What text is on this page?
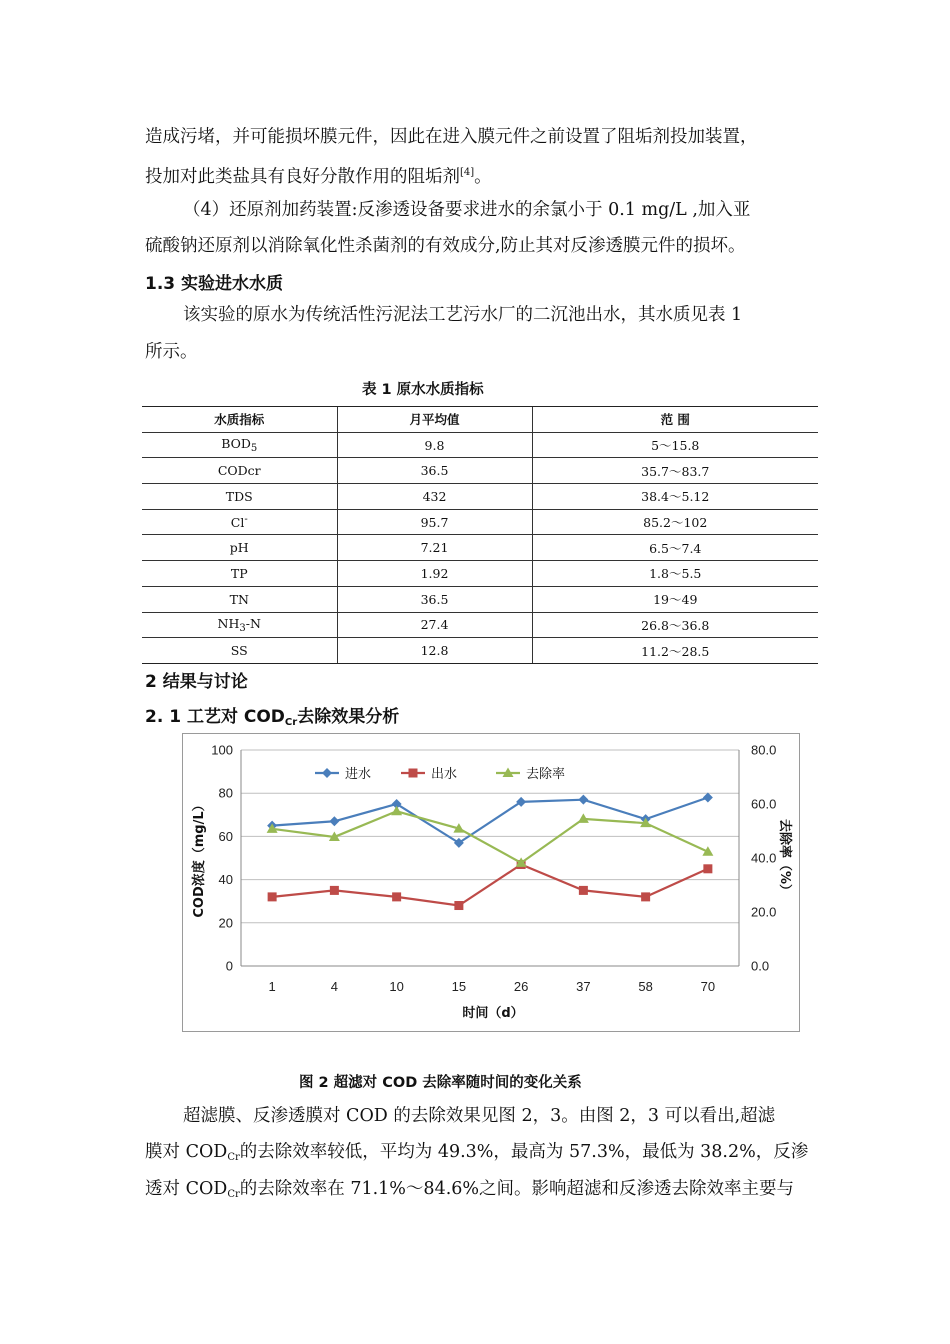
造成污堵，并可能损坏膜元件，因此在进入膜元件之前设置了阻垢剂投加装置，
投加对此类盐具有良好分散作用的阻垢剂[4]。
（4）还原剂加药装置:反渗透设备要求进水的余氯小于 0.1 mg/L ,加入亚
硫酸钠还原剂以消除氧化性杀菌剂的有效成分,防止其对反渗透膜元件的损坏。
1.3 实验进水水质
该实验的原水为传统活性污泥法工艺污水厂的二沉池出水，其水质见表 1
所示。
表 1 原水水质指标
水质指标	月平均值	范 围
$BOD_5$	9.8	5～15.8
CODcr	36.5	35.7～83.7
TDS	432	38.4～5.12
Cl-	95.7	85.2～102
pH	7.21	6.5～7.4
TP	1.92	1.8～5.5
TN	36.5	19～49
$NH_3-N$	27.4	26.8～36.8
SS	12.8	11.2～28.5
2 结果与讨论
2. 1 工艺对 $COD_{Cr}$去除效果分析
0
20
40
60
80
100
0.0
20.0
40.0
60.0
80.0
1	4	10	15	26	37	58	70
时间（d）
COD浓度（mg/L）	去除率（%）
进水	出水	去除率
图 2 超滤对 COD 去除率随时间的变化关系
超滤膜、反渗透膜对 COD 的去除效果见图 2，3。由图 2，3 可以看出,超滤
膜对 $COD_{Cr}$的去除效率较低，平均为 49.3%，最高为 57.3%，最低为 38.2%，反渗
透对 $COD_{Cr}$的去除效率在 71.1%～84.6%之间。影响超滤和反渗透去除效率主要与
